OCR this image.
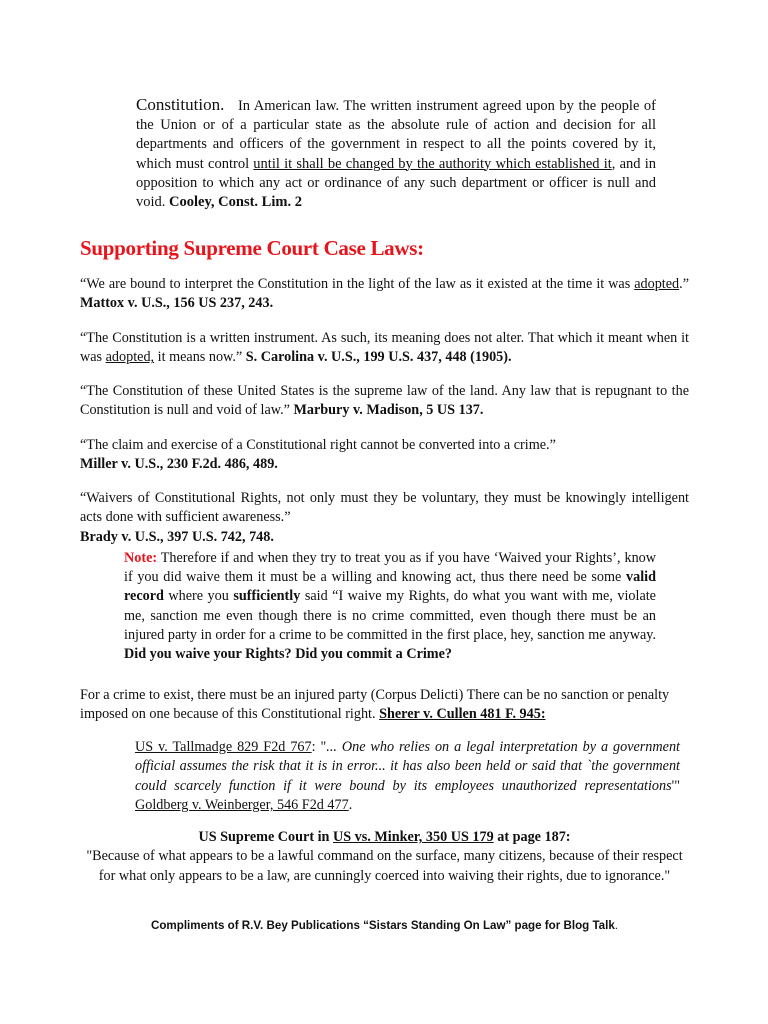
Constitution. In American law. The written instrument agreed upon by the people of the Union or of a particular state as the absolute rule of action and decision for all departments and officers of the government in respect to all the points covered by it, which must control until it shall be changed by the authority which established it, and in opposition to which any act or ordinance of any such department or officer is null and void. Cooley, Const. Lim. 2

Supporting Supreme Court Case Laws:

“We are bound to interpret the Constitution in the light of the law as it existed at the time it was adopted.” Mattox v. U.S., 156 US 237, 243.

“The Constitution is a written instrument. As such, its meaning does not alter. That which it meant when it was adopted, it means now.” S. Carolina v. U.S., 199 U.S. 437, 448 (1905).

“The Constitution of these United States is the supreme law of the land. Any law that is repugnant to the Constitution is null and void of law.” Marbury v. Madison, 5 US 137.

“The claim and exercise of a Constitutional right cannot be converted into a crime.”
Miller v. U.S., 230 F.2d. 486, 489.

“Waivers of Constitutional Rights, not only must they be voluntary, they must be knowingly intelligent acts done with sufficient awareness.”
Brady v. U.S., 397 U.S. 742, 748.

Note: Therefore if and when they try to treat you as if you have ‘Waived your Rights’, know if you did waive them it must be a willing and knowing act, thus there need be some valid record where you sufficiently said “I waive my Rights, do what you want with me, violate me, sanction me even though there is no crime committed, even though there must be an injured party in order for a crime to be committed in the first place, hey, sanction me anyway. Did you waive your Rights? Did you commit a Crime?

For a crime to exist, there must be an injured party (Corpus Delicti) There can be no sanction or penalty imposed on one because of this Constitutional right. Sherer v. Cullen 481 F. 945:

US v. Tallmadge 829 F2d 767: "... One who relies on a legal interpretation by a government official assumes the risk that it is in error... it has also been held or said that `the government could scarcely function if it were bound by its employees unauthorized representations'" Goldberg v. Weinberger, 546 F2d 477.

US Supreme Court in US vs. Minker, 350 US 179 at page 187:
"Because of what appears to be a lawful command on the surface, many citizens, because of their respect for what only appears to be a law, are cunningly coerced into waiving their rights, due to ignorance."
Compliments of R.V. Bey Publications “Sistars Standing On Law” page for Blog Talk.
